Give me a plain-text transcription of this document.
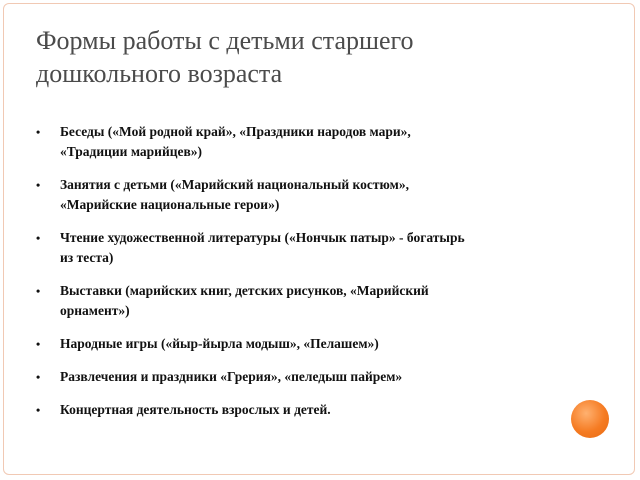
Формы работы с детьми старшего
дошкольного возраста
•	Беседы («Мой родной край», «Праздники народов мари»,
«Традиции марийцев»)
•	Занятия с детьми («Марийский национальный костюм»,
«Марийские национальные герои»)
•	Чтение художественной литературы («Нончык патыр» - богатырь
из теста)
•	Выставки (марийских книг, детских рисунков, «Марийский
орнамент»)
•	Народные игры («йыр-йырла модыш», «Пелашем»)
•	Развлечения и праздники «Грерия», «пеледыш пайрем»
•	Концертная деятельность взрослых и детей.
